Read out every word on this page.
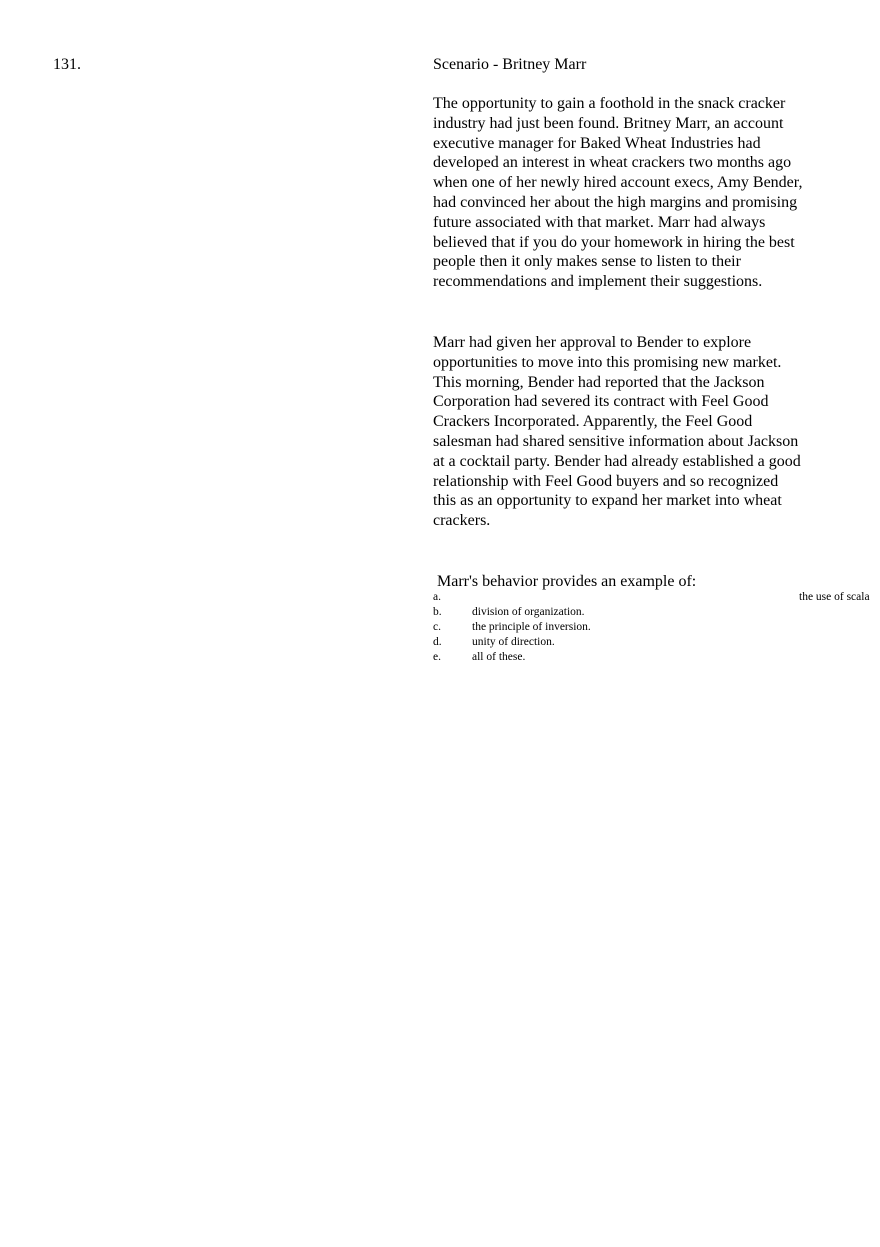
131.	Scenario - Britney Marr

The opportunity to gain a foothold in the snack cracker industry had just been found. Britney Marr, an account executive manager for Baked Wheat Industries had developed an interest in wheat crackers two months ago when one of her newly hired account execs, Amy Bender, had convinced her about the high margins and promising future associated with that market. Marr had always believed that if you do your homework in hiring the best people then it only makes sense to listen to their recommendations and implement their suggestions.

Marr had given her approval to Bender to explore opportunities to move into this promising new market. This morning, Bender had reported that the Jackson Corporation had severed its contract with Feel Good Crackers Incorporated. Apparently, the Feel Good salesman had shared sensitive information about Jackson at a cocktail party. Bender had already established a good relationship with Feel Good buyers and so recognized this as an opportunity to expand her market into wheat crackers.

Marr's behavior provides an example of:
a.	the use of scala
b.	division of organization.
c.	the principle of inversion.
d.	unity of direction.
e.	all of these.
